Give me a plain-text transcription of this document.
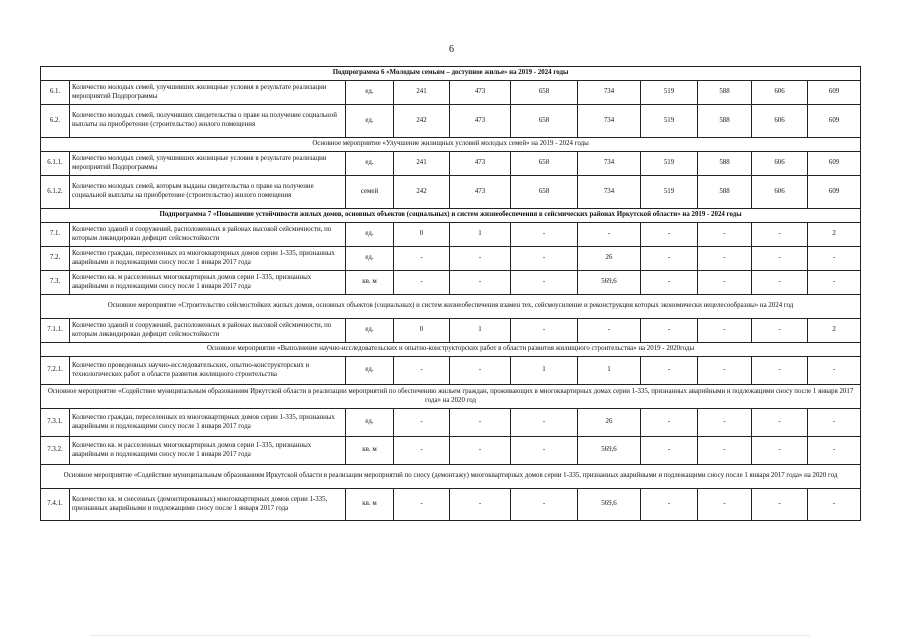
6
Подпрограмма 6 «Молодым семьям – доступное жилье» на 2019 - 2024 годы										
6.1.	Количество молодых семей, улучшивших жилищные условия в результате реализации мероприятий Подпрограммы	ед.	241	473	658	734	519	588	606	609
6.2.	Количество молодых семей, получивших свидетельства о праве на получение социальной выплаты на приобретение (строительство) жилого помещения	ед.	242	473	658	734	519	588	606	609
Основное мероприятие «Улучшение жилищных условий молодых семей» на 2019 - 2024 годы										
6.1.1.	Количество молодых семей, улучшивших жилищные условия в результате реализации мероприятий Подпрограммы	ед.	241	473	658	734	519	588	606	609
6.1.2.	Количество молодых семей, которым выданы свидетельства о праве на получение социальной выплаты на приобретение (строительство) жилого помещения	семей	242	473	658	734	519	588	606	609
Подпрограмма 7 «Повышение устойчивости жилых домов, основных объектов (социальных) и систем жизнеобеспечения в сейсмических районах Иркутской области» на 2019 - 2024 годы										
7.1.	Количество зданий и сооружений, расположенных в районах высокой сейсмичности, по которым ликвидирован дефицит сейсмостойкости	ед.	0	1	-	-	-	-	-	2
7.2.	Количество граждан, переселенных из многоквартирных домов серии 1-335, признанных аварийными и подлежащими сносу после 1 января 2017 года	ед.	-	-	-	26	-	-	-	-
7.3.	Количество кв. м расселенных многоквартирных домов серии 1-335, признанных аварийными и подлежащими сносу после 1 января 2017 года	кв. м	-	-	-	569,6	-	-	-	-
Основное мероприятие «Строительство сейсмостойких жилых домов, основных объектов (социальных) и систем жизнеобеспечения взамен тех, сейсмоусиление и реконструкция которых экономически нецелесообразны» на 2024 год										
7.1.1.	Количество зданий и сооружений, расположенных в районах высокой сейсмичности, по которым ликвидирован дефицит сейсмостойкости	ед.	0	1	-	-	-	-	-	2
Основное мероприятие «Выполнение научно-исследовательских и опытно-конструкторских работ в области развития жилищного строительства» на 2019 - 2020годы										
7.2.1.	Количество проведенных научно-исследовательских, опытно-конструкторских и технологических работ в области развития жилищного строительства	ед.	-	-	1	1	-	-	-	-
Основное мероприятие «Содействие муниципальным образованиям Иркутской области в реализации мероприятий по обеспечению жильем граждан, проживающих в многоквартирных домах серии 1-335, признанных аварийными и подлежащими сносу после 1 января 2017 года» на 2020 год										
7.3.1.	Количество граждан, переселенных из многоквартирных домов серии 1-335, признанных аварийными и подлежащими сносу после 1 января 2017 года	ед.	-	-	-	26	-	-	-	-
7.3.2.	Количество кв. м расселенных многоквартирных домов серии 1-335, признанных аварийными и подлежащими сносу после 1 января 2017 года	кв. м	-	-	-	569,6	-	-	-	-
Основное мероприятие «Содействие муниципальным образованиям Иркутской области в реализации мероприятий по сносу (демонтажу) многоквартирных домов серии 1-335, признанных аварийными и подлежащими сносу после 1 января 2017 года» на 2020 год										
7.4.1.	Количество кв. м снесенных (демонтированных) многоквартирных домов серии 1-335, признанных аварийными и подлежащими сносу после 1 января 2017 года	кв. м	-	-	-	569,6	-	-	-	-
